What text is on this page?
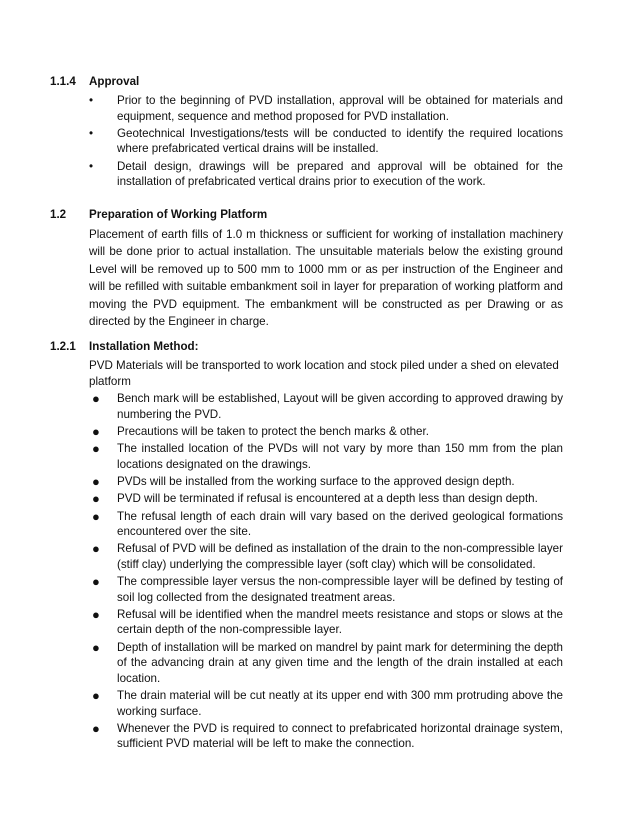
1.1.4 Approval
• Prior to the beginning of PVD installation, approval will be obtained for materials and equipment, sequence and method proposed for PVD installation.
• Geotechnical Investigations/tests will be conducted to identify the required locations where prefabricated vertical drains will be installed.
• Detail design, drawings will be prepared and approval will be obtained for the installation of prefabricated vertical drains prior to execution of the work.
1.2 Preparation of Working Platform

Placement of earth fills of 1.0 m thickness or sufficient for working of installation machinery will be done prior to actual installation. The unsuitable materials below the existing ground Level will be removed up to 500 mm to 1000 mm or as per instruction of the Engineer and will be refilled with suitable embankment soil in layer for preparation of working platform and moving the PVD equipment. The embankment will be constructed as per Drawing or as directed by the Engineer in charge.

1.2.1 Installation Method:

PVD Materials will be transported to work location and stock piled under a shed on elevated platform

● Bench mark will be established, Layout will be given according to approved drawing by numbering the PVD.
● Precautions will be taken to protect the bench marks & other.
● The installed location of the PVDs will not vary by more than 150 mm from the plan locations designated on the drawings.
● PVDs will be installed from the working surface to the approved design depth.
● PVD will be terminated if refusal is encountered at a depth less than design depth.
● The refusal length of each drain will vary based on the derived geological formations encountered over the site.
● Refusal of PVD will be defined as installation of the drain to the non-compressible layer (stiff clay) underlying the compressible layer (soft clay) which will be consolidated.
● The compressible layer versus the non-compressible layer will be defined by testing of soil log collected from the designated treatment areas.
● Refusal will be identified when the mandrel meets resistance and stops or slows at the certain depth of the non-compressible layer.
● Depth of installation will be marked on mandrel by paint mark for determining the depth of the advancing drain at any given time and the length of the drain installed at each location.
● The drain material will be cut neatly at its upper end with 300 mm protruding above the working surface.
● Whenever the PVD is required to connect to prefabricated horizontal drainage system, sufficient PVD material will be left to make the connection.
